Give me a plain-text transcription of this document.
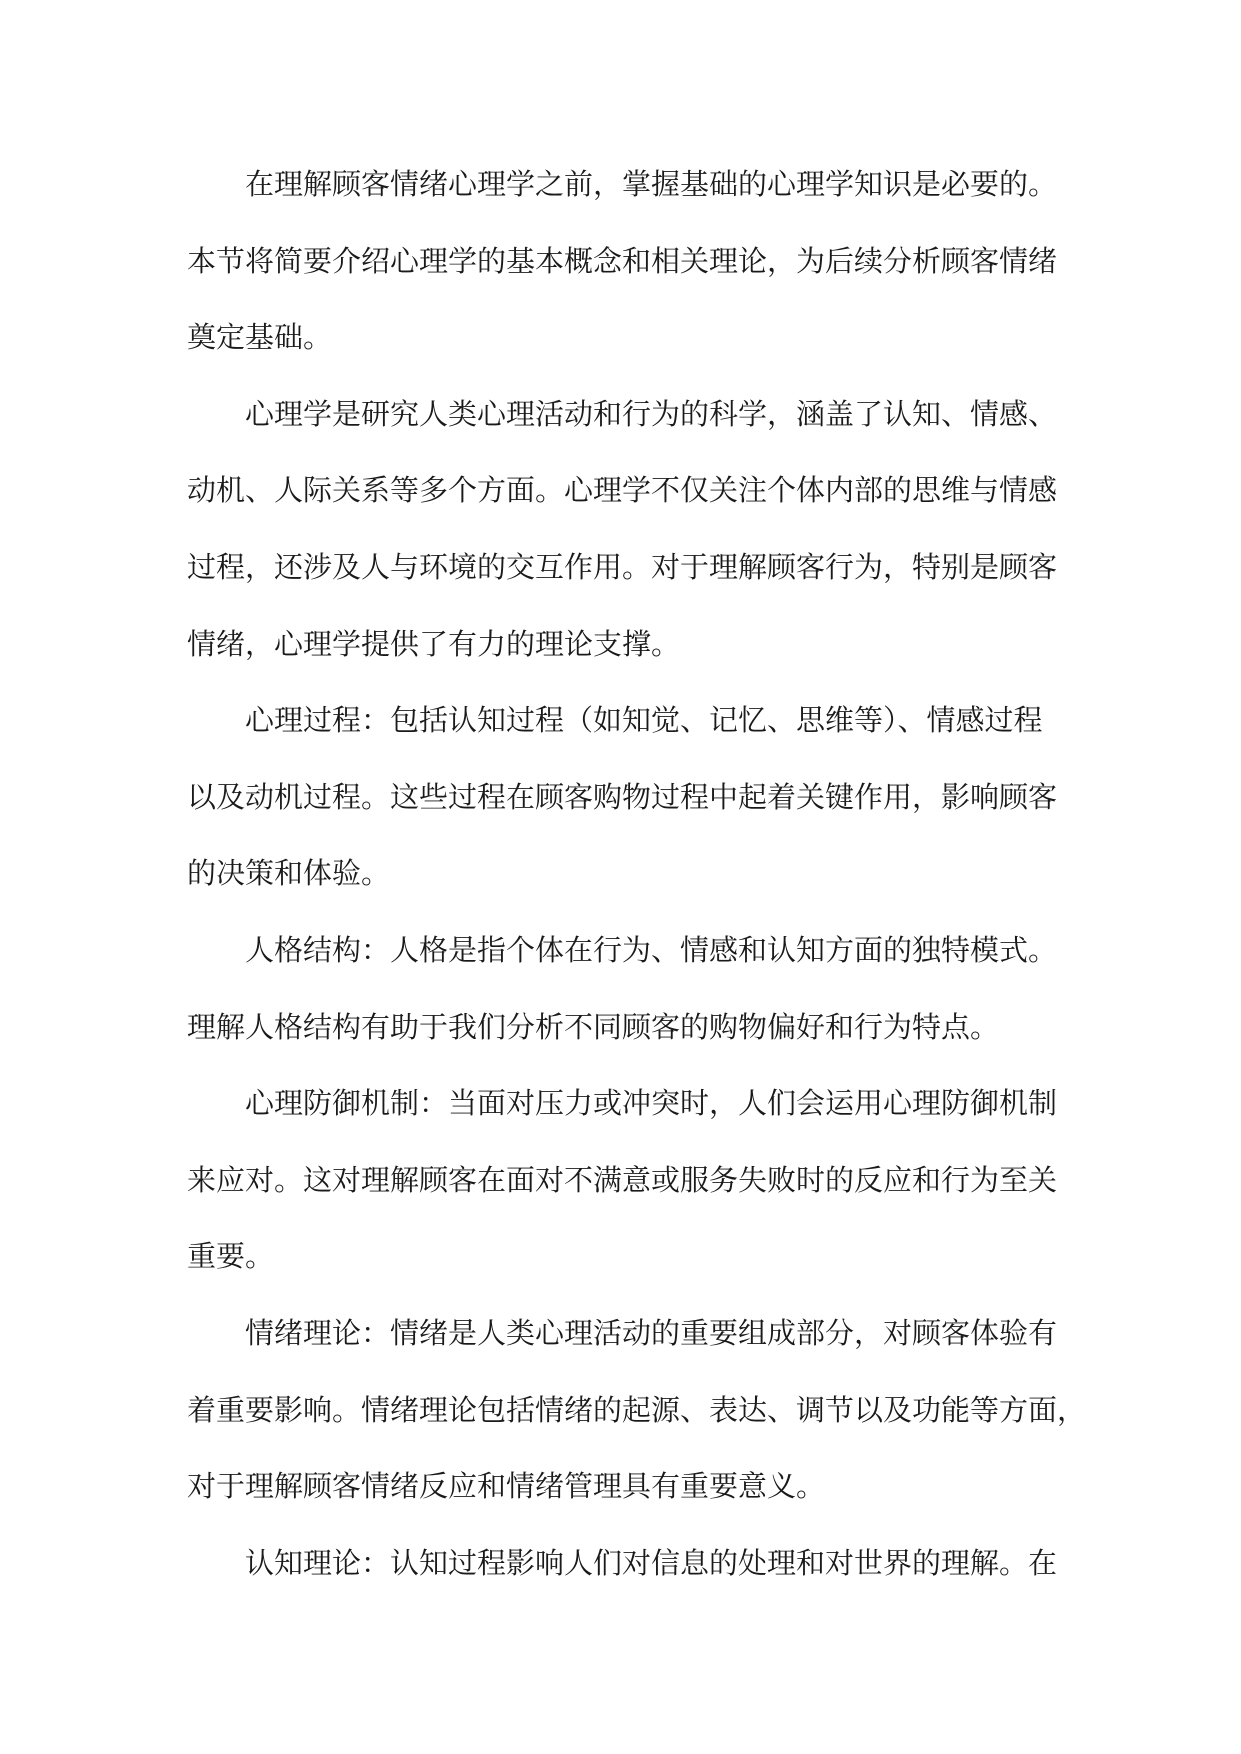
在理解顾客情绪心理学之前，掌握基础的心理学知识是必要的。
本节将简要介绍心理学的基本概念和相关理论，为后续分析顾客情绪
奠定基础。
心理学是研究人类心理活动和行为的科学，涵盖了认知、情感、
动机、人际关系等多个方面。心理学不仅关注个体内部的思维与情感
过程，还涉及人与环境的交互作用。对于理解顾客行为，特别是顾客
情绪，心理学提供了有力的理论支撑。
心理过程：包括认知过程（如知觉、记忆、思维等）、情感过程
以及动机过程。这些过程在顾客购物过程中起着关键作用，影响顾客
的决策和体验。
人格结构：人格是指个体在行为、情感和认知方面的独特模式。
理解人格结构有助于我们分析不同顾客的购物偏好和行为特点。
心理防御机制：当面对压力或冲突时，人们会运用心理防御机制
来应对。这对理解顾客在面对不满意或服务失败时的反应和行为至关
重要。
情绪理论：情绪是人类心理活动的重要组成部分，对顾客体验有
着重要影响。情绪理论包括情绪的起源、表达、调节以及功能等方面，
对于理解顾客情绪反应和情绪管理具有重要意义。
认知理论：认知过程影响人们对信息的处理和对世界的理解。在
